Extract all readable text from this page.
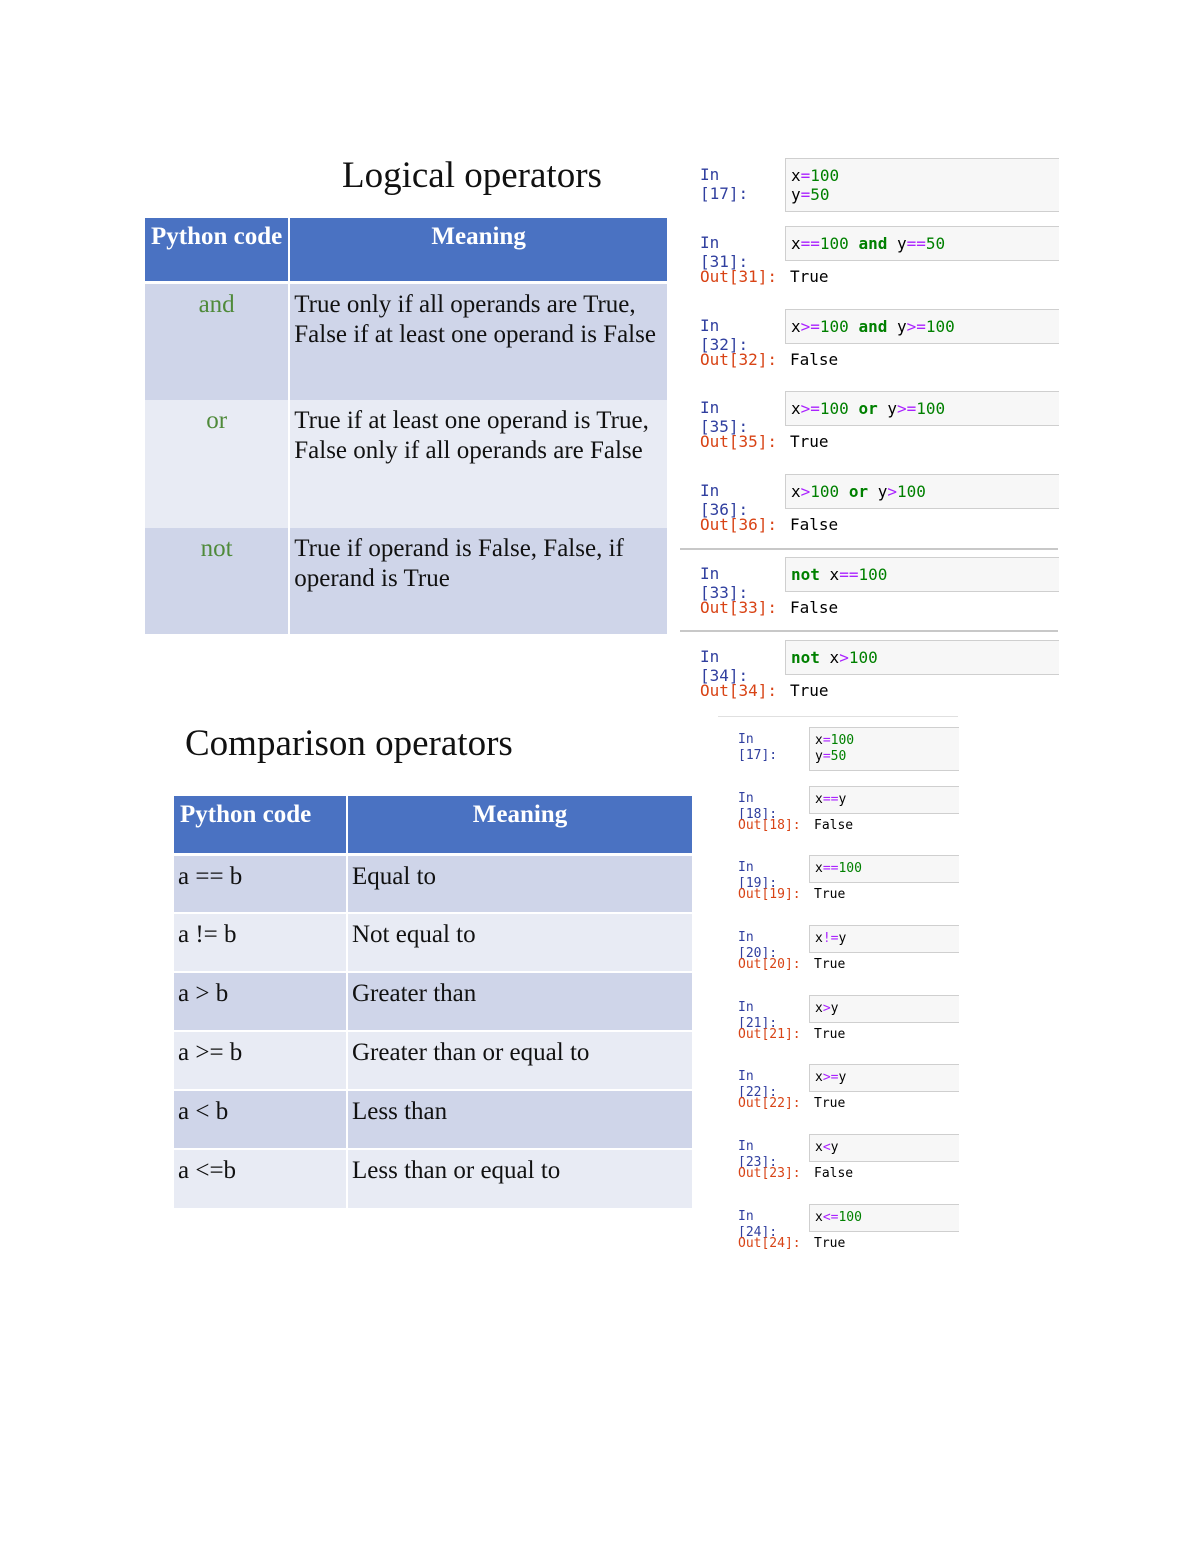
Logical operators
Python code	Meaning
and	True only if all operands are True, False if at least one operand is False
or	True if at least one operand is True, False only if all operands are False
not	True if operand is False, False, if operand is True
Comparison operators
Python code	Meaning
a == b	Equal to
a != b	Not equal to
a > b	Greater than
a >= b	Greater than or equal to
a < b	Less than
a <=b	Less than or equal to
In [17]:
x=100
y=50
In [31]:
x==100 and y==50
Out[31]: True
In [32]:
x>=100 and y>=100
Out[32]: False
In [35]:
x>=100 or y>=100
Out[35]: True
In [36]:
x>100 or y>100
Out[36]: False
In [33]:
not x==100
Out[33]: False
In [34]:
not x>100
Out[34]: True
In [17]:
x=100
y=50
In [18]:
x==y
Out[18]: False
In [19]:
x==100
Out[19]: True
In [20]:
x!=y
Out[20]: True
In [21]:
x>y
Out[21]: True
In [22]:
x>=y
Out[22]: True
In [23]:
x<y
Out[23]: False
In [24]:
x<=100
Out[24]: True
